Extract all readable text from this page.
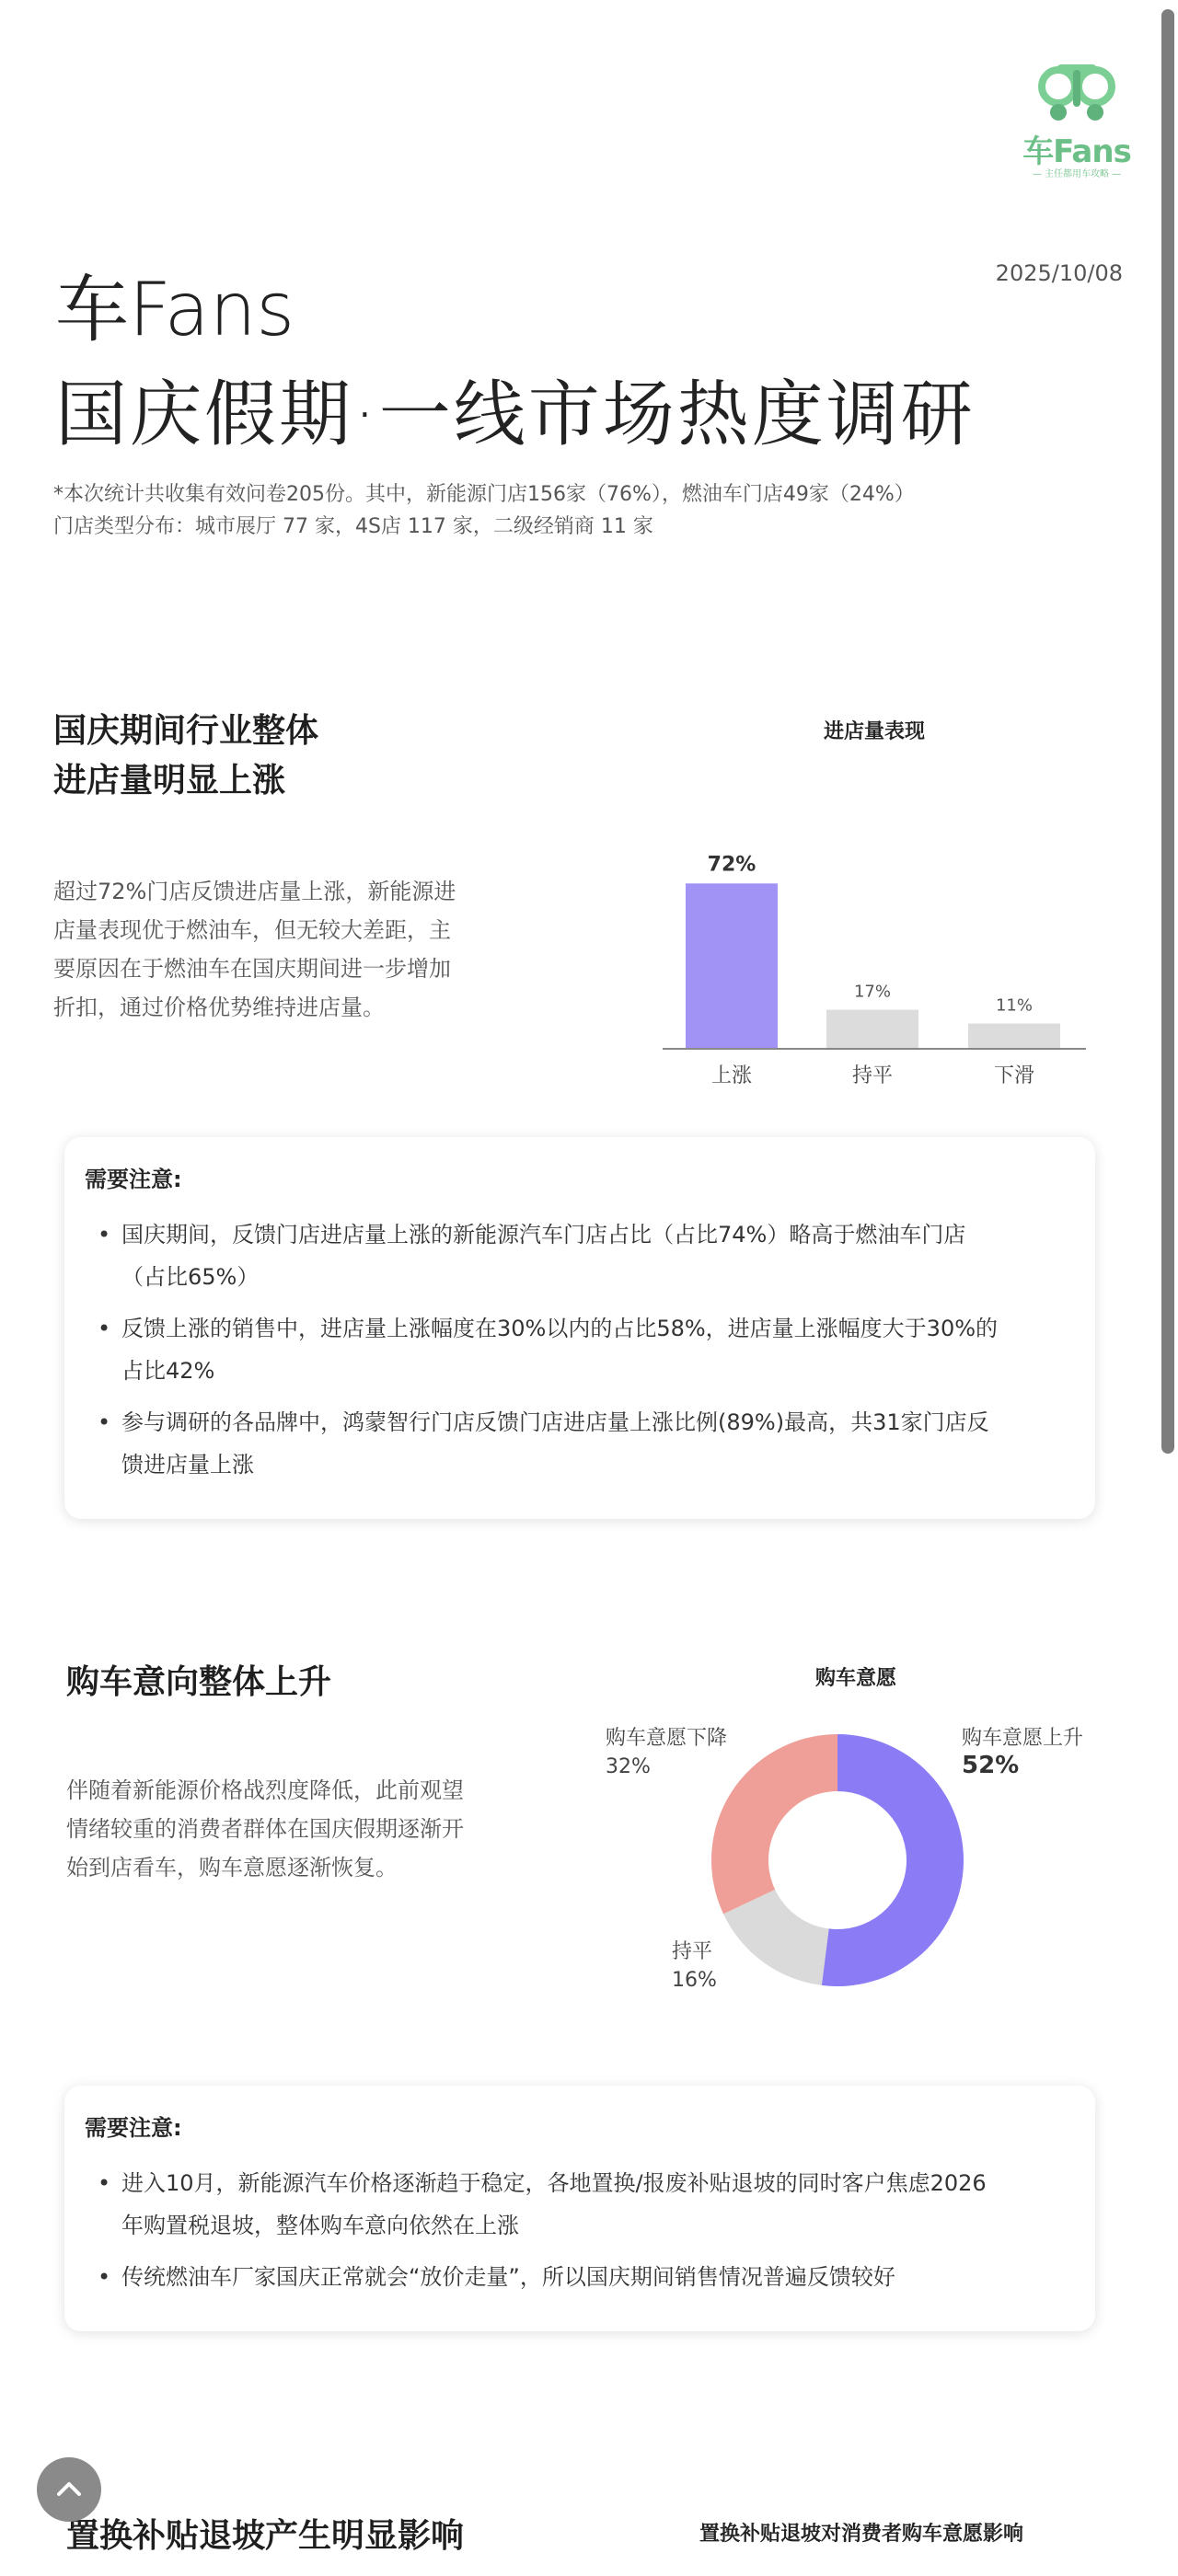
车Fans
— 主任都用车攻略 —
2025/10/08
车Fans
国庆假期·一线市场热度调研
*本次统计共收集有效问卷205份。其中，新能源门店156家（76%），燃油车门店49家（24%）
门店类型分布：城市展厅 77 家，4S店 117 家，二级经销商 11 家
国庆期间行业整体
进店量明显上涨
超过72%门店反馈进店量上涨，新能源进
店量表现优于燃油车，但无较大差距，主
要原因在于燃油车在国庆期间进一步增加
折扣，通过价格优势维持进店量。
进店量表现
72%
上涨
17%
持平
11%
下滑
需要注意:
• 国庆期间，反馈门店进店量上涨的新能源汽车门店占比（占比74%）略高于燃油车门店
（占比65%）
• 反馈上涨的销售中，进店量上涨幅度在30%以内的占比58%，进店量上涨幅度大于30%的
占比42%
• 参与调研的各品牌中，鸿蒙智行门店反馈门店进店量上涨比例(89%)最高，共31家门店反
馈进店量上涨
购车意向整体上升
伴随着新能源价格战烈度降低，此前观望
情绪较重的消费者群体在国庆假期逐渐开
始到店看车，购车意愿逐渐恢复。
购车意愿
购车意愿上升
52%
持平
16%
购车意愿下降
32%
需要注意:
• 进入10月，新能源汽车价格逐渐趋于稳定，各地置换/报废补贴退坡的同时客户焦虑2026
年购置税退坡，整体购车意向依然在上涨
• 传统燃油车厂家国庆正常就会“放价走量”，所以国庆期间销售情况普遍反馈较好
置换补贴退坡产生明显影响	置换补贴退坡对消费者购车意愿影响
